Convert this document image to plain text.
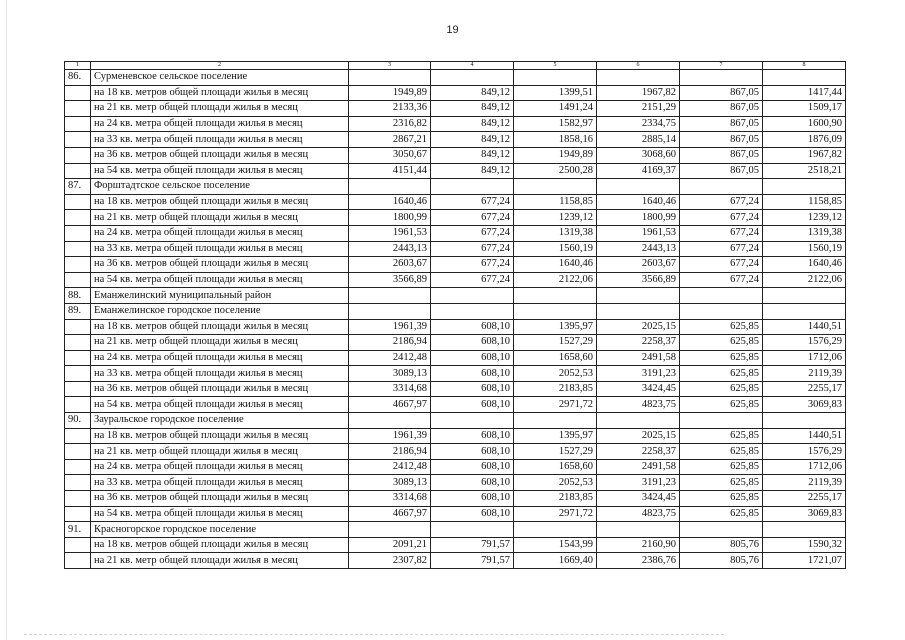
19
1	2	3	4	5	6	7	8
86.	Сурменевское сельское поселение						
	на 18 кв. метров общей площади жилья в месяц	1949,89	849,12	1399,51	1967,82	867,05	1417,44
	на 21 кв. метр общей площади жилья в месяц	2133,36	849,12	1491,24	2151,29	867,05	1509,17
	на 24 кв. метра общей площади жилья в месяц	2316,82	849,12	1582,97	2334,75	867,05	1600,90
	на 33 кв. метра общей площади жилья в месяц	2867,21	849,12	1858,16	2885,14	867,05	1876,09
	на 36 кв. метров общей площади жилья в месяц	3050,67	849,12	1949,89	3068,60	867,05	1967,82
	на 54 кв. метра общей площади жилья в месяц	4151,44	849,12	2500,28	4169,37	867,05	2518,21
87.	Форштадтское сельское поселение						
	на 18 кв. метров общей площади жилья в месяц	1640,46	677,24	1158,85	1640,46	677,24	1158,85
	на 21 кв. метр общей площади жилья в месяц	1800,99	677,24	1239,12	1800,99	677,24	1239,12
	на 24 кв. метра общей площади жилья в месяц	1961,53	677,24	1319,38	1961,53	677,24	1319,38
	на 33 кв. метра общей площади жилья в месяц	2443,13	677,24	1560,19	2443,13	677,24	1560,19
	на 36 кв. метров общей площади жилья в месяц	2603,67	677,24	1640,46	2603,67	677,24	1640,46
	на 54 кв. метра общей площади жилья в месяц	3566,89	677,24	2122,06	3566,89	677,24	2122,06
88.	Еманжелинский муниципальный район						
89.	Еманжелинское городское поселение						
	на 18 кв. метров общей площади жилья в месяц	1961,39	608,10	1395,97	2025,15	625,85	1440,51
	на 21 кв. метр общей площади жилья в месяц	2186,94	608,10	1527,29	2258,37	625,85	1576,29
	на 24 кв. метра общей площади жилья в месяц	2412,48	608,10	1658,60	2491,58	625,85	1712,06
	на 33 кв. метра общей площади жилья в месяц	3089,13	608,10	2052,53	3191,23	625,85	2119,39
	на 36 кв. метров общей площади жилья в месяц	3314,68	608,10	2183,85	3424,45	625,85	2255,17
	на 54 кв. метра общей площади жилья в месяц	4667,97	608,10	2971,72	4823,75	625,85	3069,83
90.	Зауральское городское поселение						
	на 18 кв. метров общей площади жилья в месяц	1961,39	608,10	1395,97	2025,15	625,85	1440,51
	на 21 кв. метр общей площади жилья в месяц	2186,94	608,10	1527,29	2258,37	625,85	1576,29
	на 24 кв. метра общей площади жилья в месяц	2412,48	608,10	1658,60	2491,58	625,85	1712,06
	на 33 кв. метра общей площади жилья в месяц	3089,13	608,10	2052,53	3191,23	625,85	2119,39
	на 36 кв. метров общей площади жилья в месяц	3314,68	608,10	2183,85	3424,45	625,85	2255,17
	на 54 кв. метра общей площади жилья в месяц	4667,97	608,10	2971,72	4823,75	625,85	3069,83
91.	Красногорское городское поселение						
	на 18 кв. метров общей площади жилья в месяц	2091,21	791,57	1543,99	2160,90	805,76	1590,32
	на 21 кв. метр общей площади жилья в месяц	2307,82	791,57	1669,40	2386,76	805,76	1721,07
